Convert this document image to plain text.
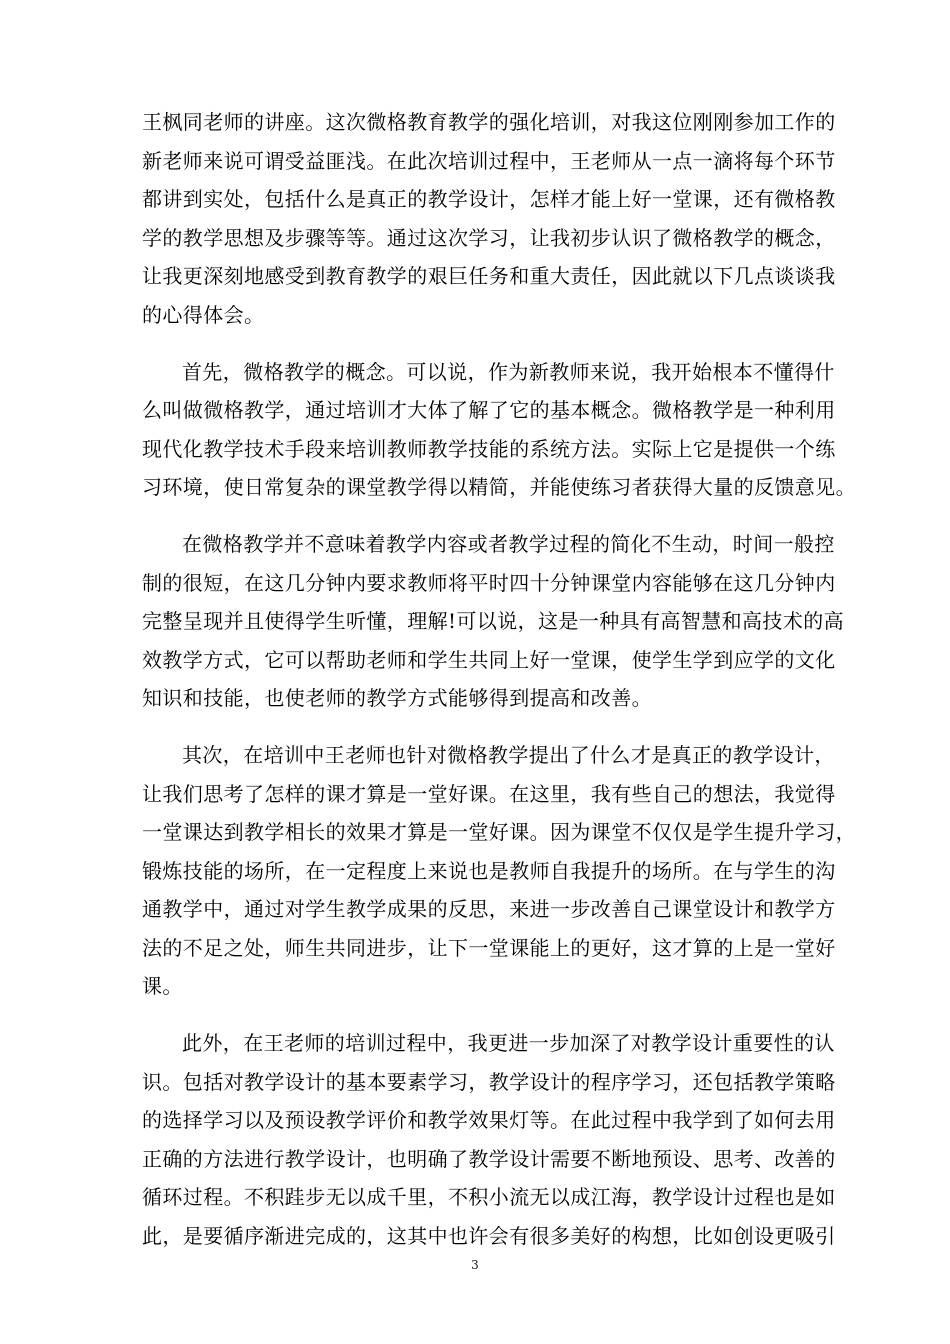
王枫同老师的讲座。这次微格教育教学的强化培训，对我这位刚刚参加工作的
新老师来说可谓受益匪浅。在此次培训过程中，王老师从一点一滴将每个环节
都讲到实处，包括什么是真正的教学设计，怎样才能上好一堂课，还有微格教
学的教学思想及步骤等等。通过这次学习，让我初步认识了微格教学的概念，
让我更深刻地感受到教育教学的艰巨任务和重大责任，因此就以下几点谈谈我
的心得体会。
首先，微格教学的概念。可以说，作为新教师来说，我开始根本不懂得什
么叫做微格教学，通过培训才大体了解了它的基本概念。微格教学是一种利用
现代化教学技术手段来培训教师教学技能的系统方法。实际上它是提供一个练
习环境，使日常复杂的课堂教学得以精简，并能使练习者获得大量的反馈意见。
在微格教学并不意味着教学内容或者教学过程的简化不生动，时间一般控
制的很短，在这几分钟内要求教师将平时四十分钟课堂内容能够在这几分钟内
完整呈现并且使得学生听懂，理解!可以说，这是一种具有高智慧和高技术的高
效教学方式，它可以帮助老师和学生共同上好一堂课，使学生学到应学的文化
知识和技能，也使老师的教学方式能够得到提高和改善。
其次，在培训中王老师也针对微格教学提出了什么才是真正的教学设计，
让我们思考了怎样的课才算是一堂好课。在这里，我有些自己的想法，我觉得
一堂课达到教学相长的效果才算是一堂好课。因为课堂不仅仅是学生提升学习，
锻炼技能的场所，在一定程度上来说也是教师自我提升的场所。在与学生的沟
通教学中，通过对学生教学成果的反思，来进一步改善自己课堂设计和教学方
法的不足之处，师生共同进步，让下一堂课能上的更好，这才算的上是一堂好
课。
此外，在王老师的培训过程中，我更进一步加深了对教学设计重要性的认
识。包括对教学设计的基本要素学习，教学设计的程序学习，还包括教学策略
的选择学习以及预设教学评价和教学效果灯等。在此过程中我学到了如何去用
正确的方法进行教学设计，也明确了教学设计需要不断地预设、思考、改善的
循环过程。不积跬步无以成千里，不积小流无以成江海，教学设计过程也是如
此，是要循序渐进完成的，这其中也许会有很多美好的构想，比如创设更吸引
3
